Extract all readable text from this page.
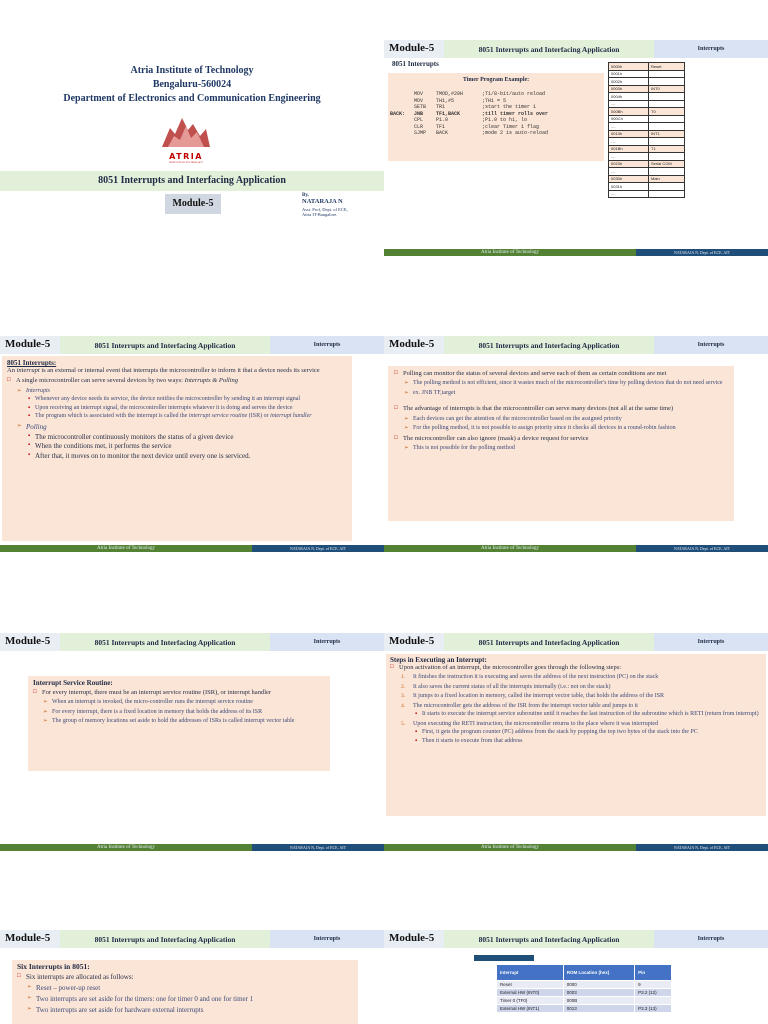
Atria Institute of Technology
Bengaluru-560024
Department of Electronics and Communication Engineering
ATRIA
INSTITUTE OF TECHNOLOGY
8051 Interrupts and Interfacing Application
Module-5
By,
NATARAJA N
Asst. Prof, Dept. of ECE,
Atria IT-Bangalore.
Module-5	8051 Interrupts and Interfacing Application	Interrupts
8051 Interrupts
Timer Program Example:
	MOV	TMOD,#20H	;T1/8-bit/auto reload
	MOV	TH1,#5	;TH1 = 5
	SETB	TR1	;start the timer 1
BACK:	JNB	TF1,BACK	;till timer rolls over
	CPL	P1.0	;P1.0 to hi, lo
	CLR	TF1	;clear Timer 1 flag
	SJMP	BACK	;mode 2 is auto-reload
0000h	Reset
0001h	
0002h	
0003h	INT0
0004h	
....	
000Bh	T0
000Ch	
....	
0013h	INT1
....	
001Bh	T1
....	
0023h	Serial COM
....	
0030h	Main
0031h	
....	
Atria Institute of Technology	NATARAJA N, Dept. of ECE, AIT
Module-5	8051 Interrupts and Interfacing Application	Interrupts
8051 Interrupts:
An interrupt is an external or internal event that interrupts the microcontroller to inform it that a device needs its service
□ A single microcontroller can serve several devices by two ways: Interrupts & Polling
➢ Interrupts
▪ Whenever any device needs its service, the device notifies the microcontroller by sending it an interrupt signal
▪ Upon receiving an interrupt signal, the microcontroller interrupts whatever it is doing and serves the device
▪ The program which is associated with the interrupt is called the interrupt service routine (ISR) or interrupt handler
➢ Polling
▪ The microcontroller continuously monitors the status of a given device
▪ When the conditions met, it performs the service
▪ After that, it moves on to monitor the next device until every one is serviced.
Atria Institute of Technology	NATARAJA N, Dept. of ECE, AIT
Module-5	8051 Interrupts and Interfacing Application	Interrupts
□ Polling can monitor the status of several devices and serve each of them as certain conditions are met
➢ The polling method is not efficient, since it wastes much of the microcontroller's time by polling devices that do not need service
➢ ex. JNB TF,target
□ The advantage of interrupts is that the microcontroller can serve many devices (not all at the same time)
➢ Each devices can get the attention of the microcontroller based on the assigned priority
➢ For the polling method, it is not possible to assign priority since it checks all devices in a round-robin fashion
□ The microcontroller can also ignore (mask) a device request for service
➢ This is not possible for the polling method
Atria Institute of Technology	NATARAJA N, Dept. of ECE, AIT
Module-5	8051 Interrupts and Interfacing Application	Interrupts
Interrupt Service Routine:
□ For every interrupt, there must be an interrupt service routine (ISR), or interrupt handler
➢ When an interrupt is invoked, the micro-controller runs the interrupt service routine
➢ For every interrupt, there is a fixed location in memory that holds the address of its ISR
➢ The group of memory locations set aside to hold the addresses of ISRs is called interrupt vector table
Atria Institute of Technology	NATARAJA N, Dept. of ECE, AIT
Module-5	8051 Interrupts and Interfacing Application	Interrupts
Steps in Executing an Interrupt:
□ Upon activation of an interrupt, the microcontroller goes through the following steps:
It finishes the instruction it is executing and saves the address of the next instruction (PC) on the stack
It also saves the current status of all the interrupts internally (i.e.: not on the stack)
It jumps to a fixed location in memory, called the interrupt vector table, that holds the address of the ISR
The microcontroller gets the address of the ISR from the interrupt vector table and jumps to it
▪ It starts to execute the interrupt service subroutine until it reaches the last instruction of the subroutine which is RETI (return from interrupt)
Upon executing the RETI instruction, the microcontroller returns to the place where it was interrupted
▪ First, it gets the program counter (PC) address from the stack by popping the top two bytes of the stack into the PC
▪ Then it starts to execute from that address
Atria Institute of Technology	NATARAJA N, Dept. of ECE, AIT
Module-5	8051 Interrupts and Interfacing Application	Interrupts
Six Interrupts in 8051:
□ Six interrupts are allocated as follows:
➢ Reset – power-up reset
➢ Two interrupts are set aside for the timers: one for timer 0 and one for timer 1
➢ Two interrupts are set aside for hardware external interrupts
Module-5	8051 Interrupts and Interfacing Application	Interrupts
Interrupt	ROM Location (hex)	Pin
Reset	0000	9
External HW (INT0)	0003	P3.2 (12)
Timer 0 (TF0)	000B	
External HW (INT1)	0013	P3.3 (13)
